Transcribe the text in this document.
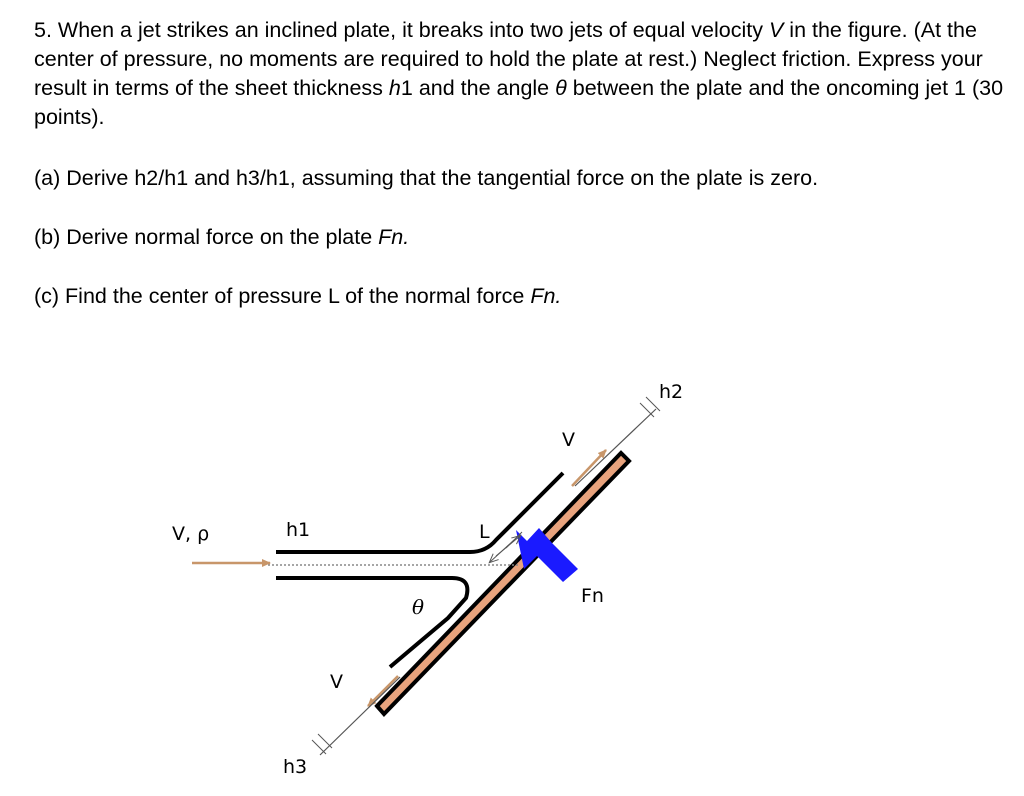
5. When a jet strikes an inclined plate, it breaks into two jets of equal velocity V in the figure. (At the center of pressure, no moments are required to hold the plate at rest.) Neglect friction. Express your result in terms of the sheet thickness h1 and the angle θ between the plate and the oncoming jet 1 (30 points).

(a) Derive h2/h1 and h3/h1, assuming that the tangential force on the plate is zero.
(b) Derive normal force on the plate Fn.
(c) Find the center of pressure L of the normal force Fn.
V, ρ	h1
h2
h3
V
V
L
θ	Fn
